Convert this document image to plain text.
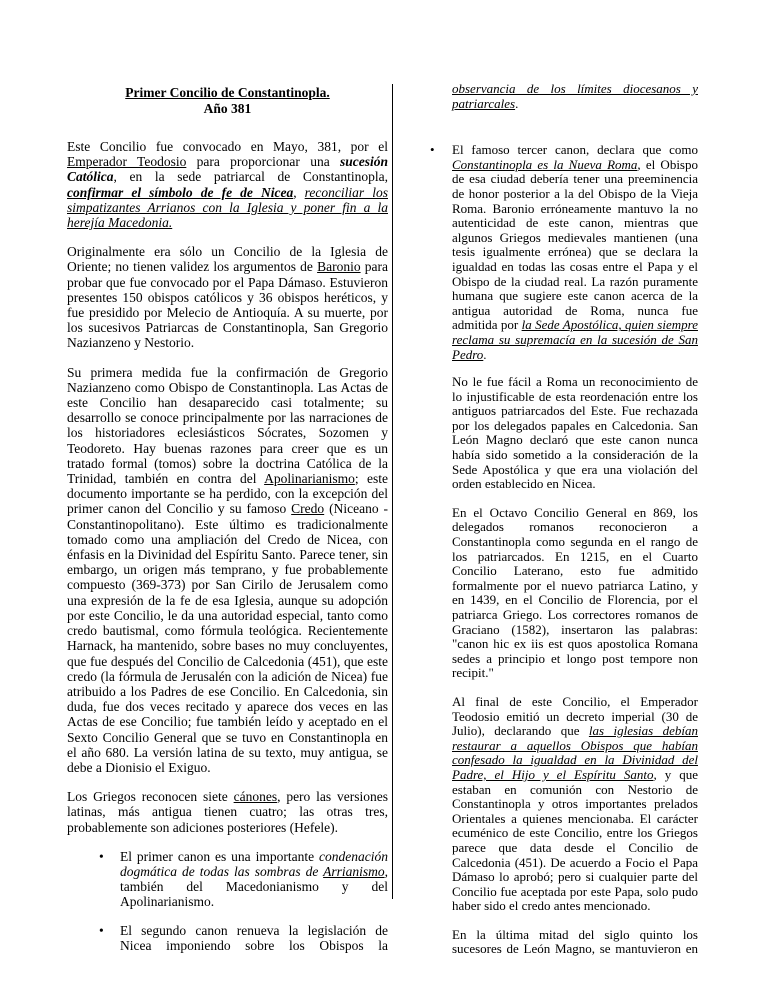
Primer Concilio de Constantinopla.
Año 381

Este Concilio fue convocado en Mayo, 381, por el Emperador Teodosio para proporcionar una sucesión Católica, en la sede patriarcal de Constantinopla, confirmar el símbolo de fe de Nicea, reconciliar los simpatizantes Arrianos con la Iglesia y poner fin a la herejía Macedonia.

Originalmente era sólo un Concilio de la Iglesia de Oriente; no tienen validez los argumentos de Baronio para probar que fue convocado por el Papa Dámaso. Estuvieron presentes 150 obispos católicos y 36 obispos heréticos, y fue presidido por Melecio de Antioquía. A su muerte, por los sucesivos Patriarcas de Constantinopla, San Gregorio Nazianzeno y Nestorio.

Su primera medida fue la confirmación de Gregorio Nazianzeno como Obispo de Constantinopla. Las Actas de este Concilio han desaparecido casi totalmente; su desarrollo se conoce principalmente por las narraciones de los historiadores eclesiásticos Sócrates, Sozomen y Teodoreto. Hay buenas razones para creer que es un tratado formal (tomos) sobre la doctrina Católica de la Trinidad, también en contra del Apolinarianismo; este documento importante se ha perdido, con la excepción del primer canon del Concilio y su famoso Credo (Niceano - Constantinopolitano). Este último es tradicionalmente tomado como una ampliación del Credo de Nicea, con énfasis en la Divinidad del Espíritu Santo. Parece tener, sin embargo, un origen más temprano, y fue probablemente compuesto (369-373) por San Cirilo de Jerusalem como una expresión de la fe de esa Iglesia, aunque su adopción por este Concilio, le da una autoridad especial, tanto como credo bautismal, como fórmula teológica. Recientemente Harnack, ha mantenido, sobre bases no muy concluyentes, que fue después del Concilio de Calcedonia (451), que este credo (la fórmula de Jerusalén con la adición de Nicea) fue atribuido a los Padres de ese Concilio. En Calcedonia, sin duda, fue dos veces recitado y aparece dos veces en las Actas de ese Concilio; fue también leído y aceptado en el Sexto Concilio General que se tuvo en Constantinopla en el año 680. La versión latina de su texto, muy antigua, se debe a Dionisio el Exiguo.

Los Griegos reconocen siete cánones, pero las versiones latinas, más antigua tienen cuatro; las otras tres, probablemente son adiciones posteriores (Hefele).

• El primer canon es una importante condenación dogmática de todas las sombras de Arrianismo, también del Macedonianismo y del Apolinarianismo.

• El segundo canon renueva la legislación de Nicea imponiendo sobre los Obispos la

observancia de los límites diocesanos y patriarcales.

• El famoso tercer canon, declara que como Constantinopla es la Nueva Roma, el Obispo de esa ciudad debería tener una preeminencia de honor posterior a la del Obispo de la Vieja Roma. Baronio erróneamente mantuvo la no autenticidad de este canon, mientras que algunos Griegos medievales mantienen (una tesis igualmente errónea) que se declara la igualdad en todas las cosas entre el Papa y el Obispo de la ciudad real. La razón puramente humana que sugiere este canon acerca de la antigua autoridad de Roma, nunca fue admitida por la Sede Apostólica, quien siempre reclama su supremacía en la sucesión de San Pedro.

No le fue fácil a Roma un reconocimiento de lo injustificable de esta reordenación entre los antiguos patriarcados del Este. Fue rechazada por los delegados papales en Calcedonia. San León Magno declaró que este canon nunca había sido sometido a la consideración de la Sede Apostólica y que era una violación del orden establecido en Nicea.

En el Octavo Concilio General en 869, los delegados romanos reconocieron a Constantinopla como segunda en el rango de los patriarcados. En 1215, en el Cuarto Concilio Laterano, esto fue admitido formalmente por el nuevo patriarca Latino, y en 1439, en el Concilio de Florencia, por el patriarca Griego. Los correctores romanos de Graciano (1582), insertaron las palabras: "canon hic ex iis est quos apostolica Romana sedes a principio et longo post tempore non recipit."

Al final de este Concilio, el Emperador Teodosio emitió un decreto imperial (30 de Julio), declarando que las iglesias debían restaurar a aquellos Obispos que habían confesado la igualdad en la Divinidad del Padre, el Hijo y el Espíritu Santo, y que estaban en comunión con Nestorio de Constantinopla y otros importantes prelados Orientales a quienes mencionaba. El carácter ecuménico de este Concilio, entre los Griegos parece que data desde el Concilio de Calcedonia (451). De acuerdo a Focio el Papa Dámaso lo aprobó; pero si cualquier parte del Concilio fue aceptada por este Papa, solo pudo haber sido el credo antes mencionado.

En la última mitad del siglo quinto los sucesores de León Magno, se mantuvieron en
